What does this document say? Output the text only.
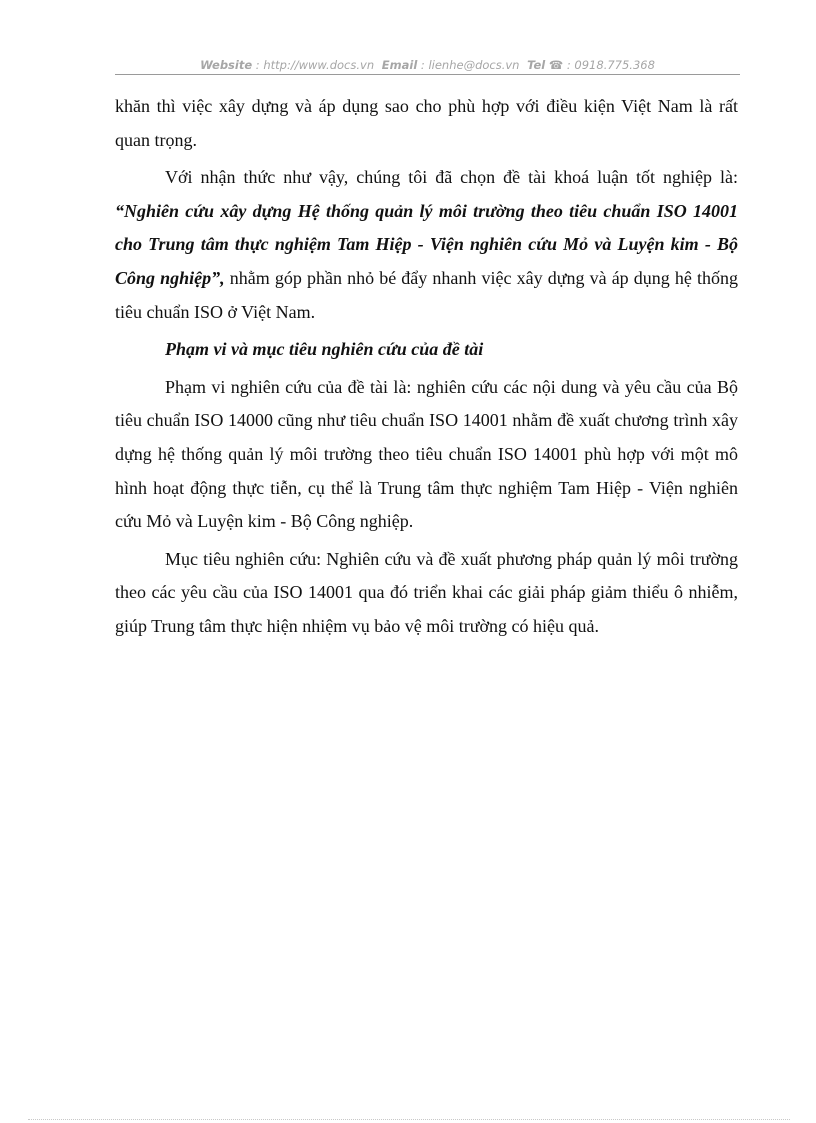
Website : http://www.docs.vn Email : lienhe@docs.vn Tel ☎ : 0918.775.368

khăn thì việc xây dựng và áp dụng sao cho phù hợp với điều kiện Việt Nam là rất quan trọng.

Với nhận thức như vậy, chúng tôi đã chọn đề tài khoá luận tốt nghiệp là: “Nghiên cứu xây dựng Hệ thống quản lý môi trường theo tiêu chuẩn ISO 14001 cho Trung tâm thực nghiệm Tam Hiệp - Viện nghiên cứu Mỏ và Luyện kim - Bộ Công nghiệp”, nhằm góp phần nhỏ bé đẩy nhanh việc xây dựng và áp dụng hệ thống tiêu chuẩn ISO ở Việt Nam.

Phạm vi và mục tiêu nghiên cứu của đề tài

Phạm vi nghiên cứu của đề tài là: nghiên cứu các nội dung và yêu cầu của Bộ tiêu chuẩn ISO 14000 cũng như tiêu chuẩn ISO 14001 nhằm đề xuất chương trình xây dựng hệ thống quản lý môi trường theo tiêu chuẩn ISO 14001 phù hợp với một mô hình hoạt động thực tiễn, cụ thể là Trung tâm thực nghiệm Tam Hiệp - Viện nghiên cứu Mỏ và Luyện kim - Bộ Công nghiệp.

Mục tiêu nghiên cứu: Nghiên cứu và đề xuất phương pháp quản lý môi trường theo các yêu cầu của ISO 14001 qua đó triển khai các giải pháp giảm thiểu ô nhiễm, giúp Trung tâm thực hiện nhiệm vụ bảo vệ môi trường có hiệu quả.
